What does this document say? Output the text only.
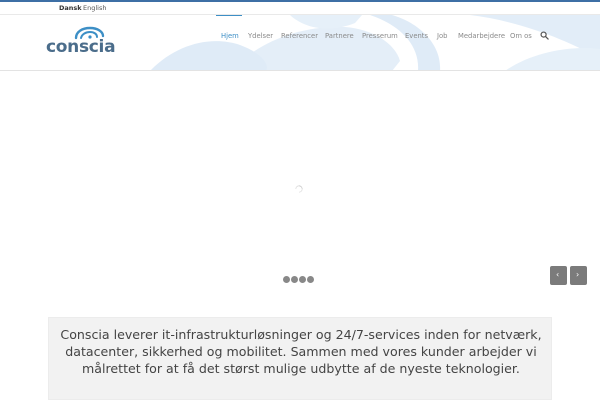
Dansk English
conscia
Hjem Ydelser Referencer Partnere Presserum Events Job Medarbejdere Om os
‹ ›

Conscia leverer it-infrastrukturløsninger og 24/7-services inden for netværk,
datacenter, sikkerhed og mobilitet. Sammen med vores kunder arbejder vi
målrettet for at få det størst mulige udbytte af de nyeste teknologier.
